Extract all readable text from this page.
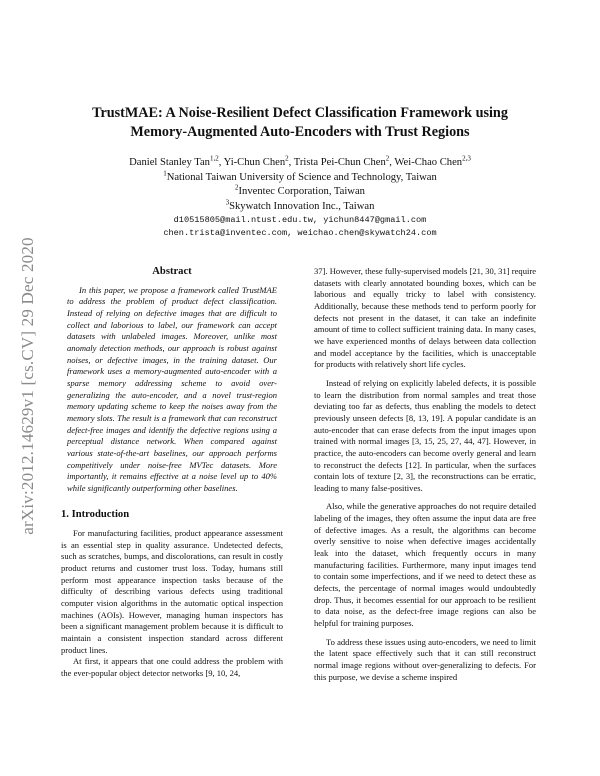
arXiv:2012.14629v1 [cs.CV] 29 Dec 2020
TrustMAE: A Noise-Resilient Defect Classification Framework using
Memory-Augmented Auto-Encoders with Trust Regions
Daniel Stanley Tan$^{1,2}$, Yi-Chun Chen$^2$, Trista Pei-Chun Chen$^2$, Wei-Chao Chen$^{2,3}$
$^1$National Taiwan University of Science and Technology, Taiwan
$^2$Inventec Corporation, Taiwan
$^3$Skywatch Innovation Inc., Taiwan
d10515805@mail.ntust.edu.tw, yichun8447@gmail.com
chen.trista@inventec.com, weichao.chen@skywatch24.com
Abstract

In this paper, we propose a framework called TrustMAE to address the problem of product defect classification. Instead of relying on defective images that are difficult to collect and laborious to label, our framework can accept datasets with unlabeled images. Moreover, unlike most anomaly detection methods, our approach is robust against noises, or defective images, in the training dataset. Our framework uses a memory-augmented auto-encoder with a sparse memory addressing scheme to avoid over-generalizing the auto-encoder, and a novel trust-region memory updating scheme to keep the noises away from the memory slots. The result is a framework that can reconstruct defect-free images and identify the defective regions using a perceptual distance network. When compared against various state-of-the-art baselines, our approach performs competitively under noise-free MVTec datasets. More importantly, it remains effective at a noise level up to 40% while significantly outperforming other baselines.

1. Introduction

For manufacturing facilities, product appearance assessment is an essential step in quality assurance. Undetected defects, such as scratches, bumps, and discolorations, can result in costly product returns and customer trust loss. Today, humans still perform most appearance inspection tasks because of the difficulty of describing various defects using traditional computer vision algorithms in the automatic optical inspection machines (AOIs). However, managing human inspectors has been a significant management problem because it is difficult to maintain a consistent inspection standard across different product lines.

At first, it appears that one could address the problem with the ever-popular object detector networks [9, 10, 24,

37]. However, these fully-supervised models [21, 30, 31] require datasets with clearly annotated bounding boxes, which can be laborious and equally tricky to label with consistency. Additionally, because these methods tend to perform poorly for defects not present in the dataset, it can take an indefinite amount of time to collect sufficient training data. In many cases, we have experienced months of delays between data collection and model acceptance by the facilities, which is unacceptable for products with relatively short life cycles.

Instead of relying on explicitly labeled defects, it is possible to learn the distribution from normal samples and treat those deviating too far as defects, thus enabling the models to detect previously unseen defects [8, 13, 19]. A popular candidate is an auto-encoder that can erase defects from the input images upon trained with normal images [3, 15, 25, 27, 44, 47]. However, in practice, the auto-encoders can become overly general and learn to reconstruct the defects [12]. In particular, when the surfaces contain lots of texture [2, 3], the reconstructions can be erratic, leading to many false-positives.

Also, while the generative approaches do not require detailed labeling of the images, they often assume the input data are free of defective images. As a result, the algorithms can become overly sensitive to noise when defective images accidentally leak into the dataset, which frequently occurs in many manufacturing facilities. Furthermore, many input images tend to contain some imperfections, and if we need to detect these as defects, the percentage of normal images would undoubtedly drop. Thus, it becomes essential for our approach to be resilient to data noise, as the defect-free image regions can also be helpful for training purposes.

To address these issues using auto-encoders, we need to limit the latent space effectively such that it can still reconstruct normal image regions without over-generalizing to defects. For this purpose, we devise a scheme inspired
